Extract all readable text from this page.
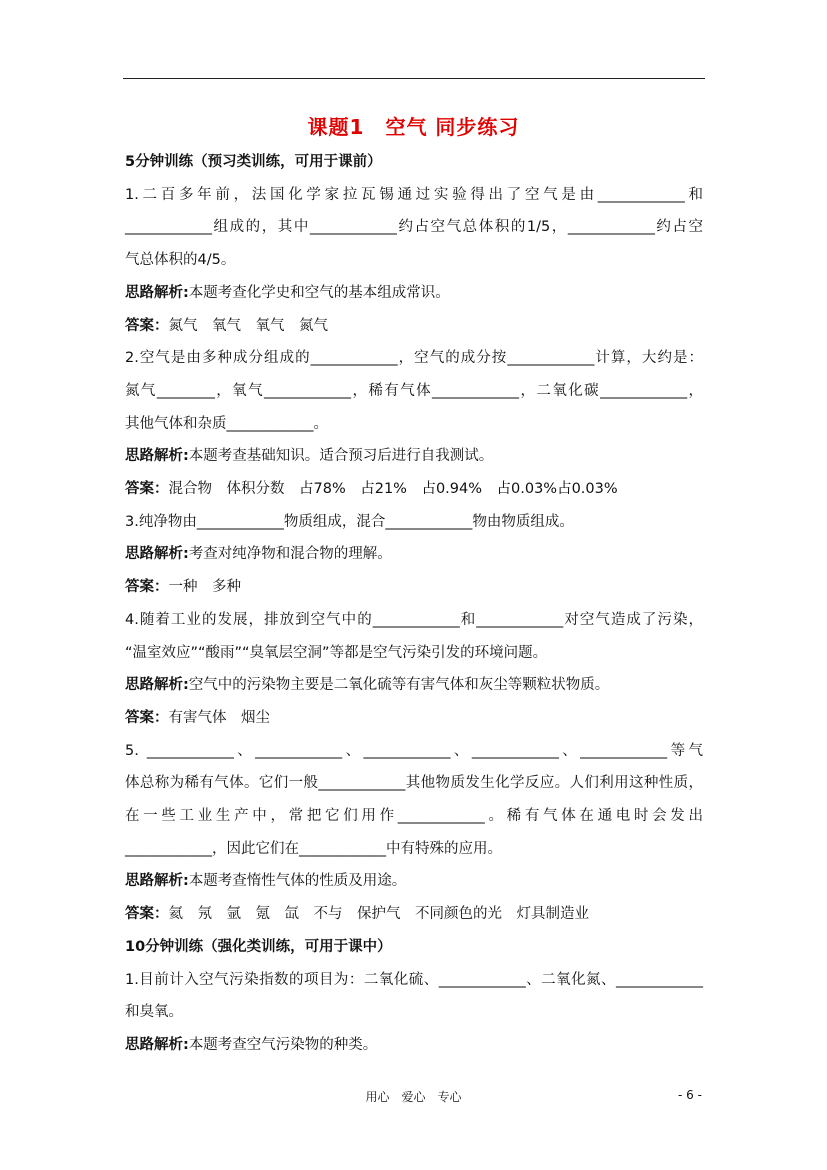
课题1　空气 同步练习
5分钟训练（预习类训练，可用于课前）
1.二百多年前，法国化学家拉瓦锡通过实验得出了空气是由____________和
____________组成的，其中____________约占空气总体积的1/5，____________约占空
气总体积的4/5。
思路解析:本题考查化学史和空气的基本组成常识。
答案：氮气　氧气　氧气　氮气
2.空气是由多种成分组成的____________，空气的成分按____________计算，大约是：
氮气________，氧气____________，稀有气体____________，二氧化碳____________，
其他气体和杂质____________。
思路解析:本题考查基础知识。适合预习后进行自我测试。
答案：混合物　体积分数　占78%　占21%　占0.94%　占0.03%占0.03%
3.纯净物由____________物质组成，混合____________物由物质组成。
思路解析:考查对纯净物和混合物的理解。
答案：一种　多种
4.随着工业的发展，排放到空气中的____________和____________对空气造成了污染，
“温室效应”“酸雨”“臭氧层空洞”等都是空气污染引发的环境问题。
思路解析:空气中的污染物主要是二氧化硫等有害气体和灰尘等颗粒状物质。
答案：有害气体　烟尘
5. ____________、____________、____________、____________、____________等气
体总称为稀有气体。它们一般____________其他物质发生化学反应。人们利用这种性质，
在一些工业生产中，常把它们用作____________。稀有气体在通电时会发出
____________，因此它们在____________中有特殊的应用。
思路解析:本题考查惰性气体的性质及用途。
答案：氦　氖　氩　氪　氙　不与　保护气　不同颜色的光　灯具制造业
10分钟训练（强化类训练，可用于课中）
1.目前计入空气污染指数的项目为：二氧化硫、____________、二氧化氮、____________
和臭氧。
思路解析:本题考查空气污染物的种类。
用心　爱心　专心	- 6 -
